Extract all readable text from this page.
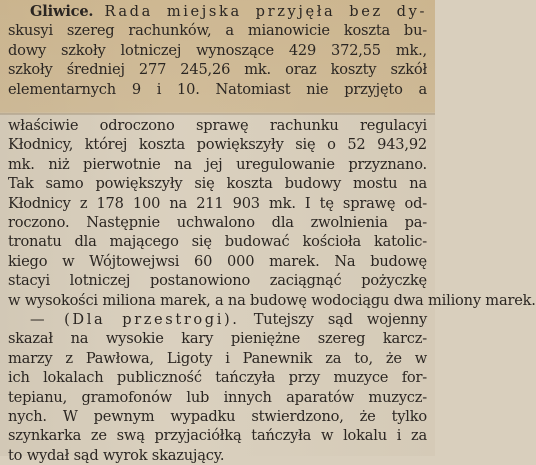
Gliwice. Rada miejska przyjęła bez dy-
skusyi szereg rachunków, a mianowicie koszta bu-
dowy szkoły lotniczej wynoszące 429 372,55 mk.,
szkoły średniej 277 245,26 mk. oraz koszty szkół
elementarnych 9 i 10. Natomiast nie przyjęto a
właściwie odroczono sprawę rachunku regulacyi
Kłodnicy, której koszta powiększyły się o 52 943,92
mk. niż pierwotnie na jej uregulowanie przyznano.
Tak samo powiększyły się koszta budowy mostu na
Kłodnicy z 178 100 na 211 903 mk. I tę sprawę od-
roczono. Następnie uchwalono dla zwolnienia pa-
tronatu dla mającego się budować kościoła katolic-
kiego w Wójtowejwsi 60 000 marek. Na budowę
stacyi lotniczej postanowiono zaciągnąć pożyczkę
w wysokości miliona marek, a na budowę wodociągu dwa miliony marek.
— (Dla przestrogi). Tutejszy sąd wojenny
skazał na wysokie kary pieniężne szereg karcz-
marzy z Pawłowa, Ligoty i Panewnik za to, że w
ich lokalach publiczność tańczyła przy muzyce for-
tepianu, gramofonów lub innych aparatów muzycz-
nych. W pewnym wypadku stwierdzono, że tylko
szynkarka ze swą przyjaciółką tańczyła w lokalu i za
to wydał sąd wyrok skazujący.
